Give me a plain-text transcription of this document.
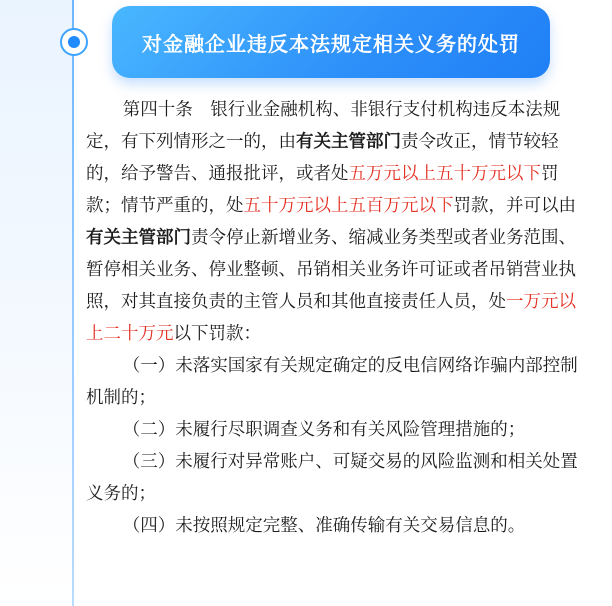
对金融企业违反本法规定相关义务的处罚

第四十条　银行业金融机构、非银行支付机构违反本法规定，有下列情形之一的，由有关主管部门责令改正，情节较轻的，给予警告、通报批评，或者处五万元以上五十万元以下罚款；情节严重的，处五十万元以上五百万元以下罚款，并可以由有关主管部门责令停止新增业务、缩减业务类型或者业务范围、暂停相关业务、停业整顿、吊销相关业务许可证或者吊销营业执照，对其直接负责的主管人员和其他直接责任人员，处一万元以上二十万元以下罚款：

（一）未落实国家有关规定确定的反电信网络诈骗内部控制机制的；

（二）未履行尽职调查义务和有关风险管理措施的；

（三）未履行对异常账户、可疑交易的风险监测和相关处置义务的；

（四）未按照规定完整、准确传输有关交易信息的。
